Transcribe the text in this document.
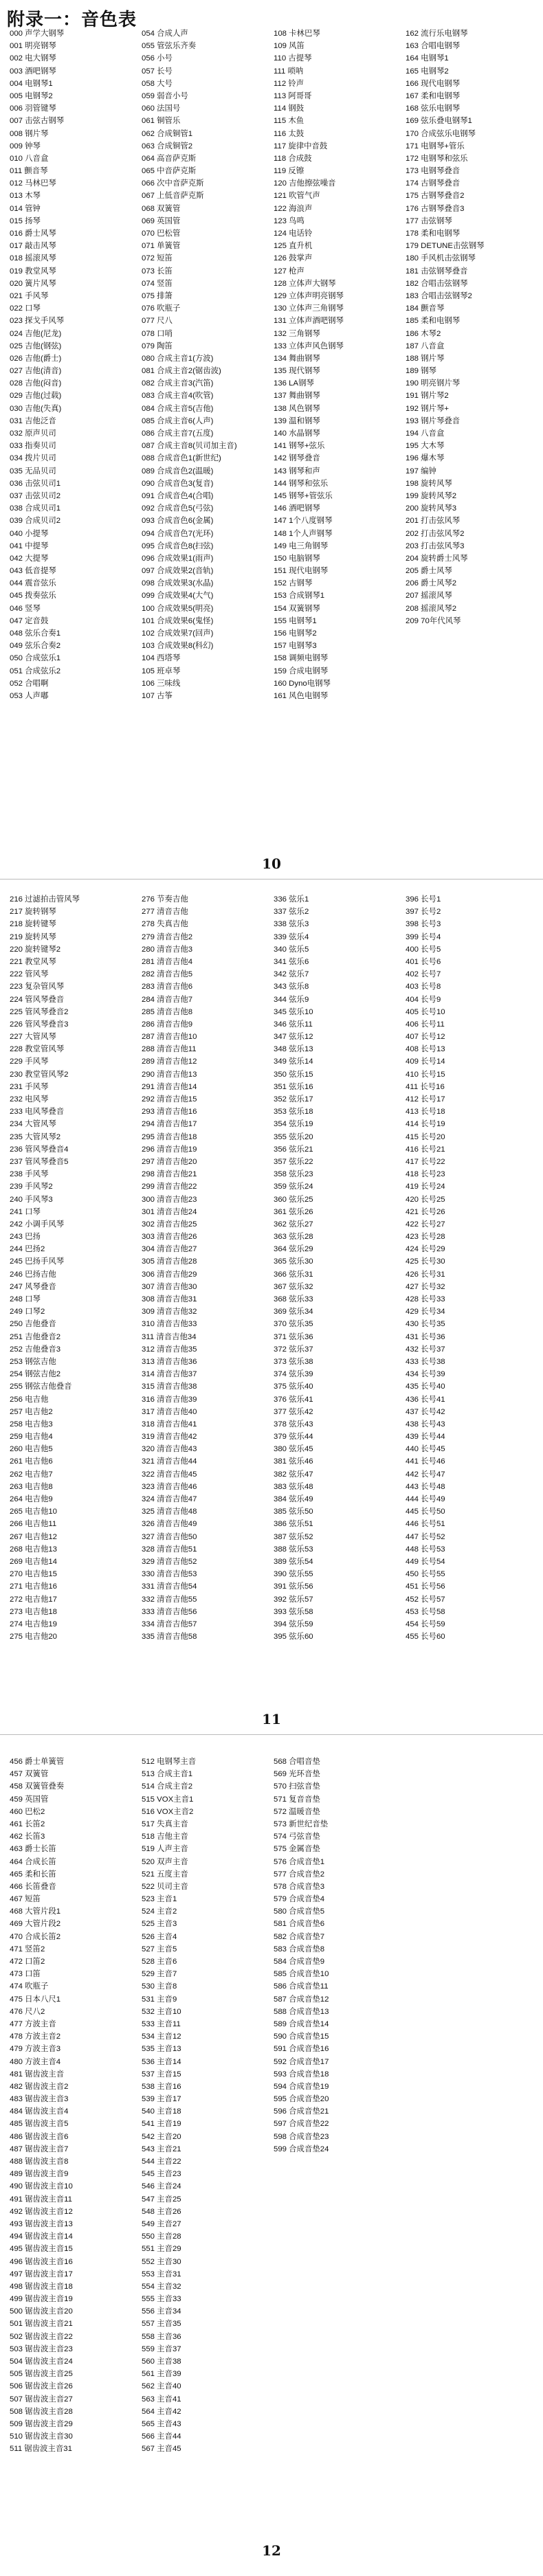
附录一：音色表
000 声学大钢琴
001 明亮钢琴
002 电大钢琴
003 酒吧钢琴
004 电钢琴1
005 电钢琴2
006 羽管键琴
007 击弦古钢琴
008 钢片琴
009 钟琴
010 八音盒
011 颤音琴
012 马林巴琴
013 木琴
014 管钟
015 扬琴
016 爵士风琴
017 敲击风琴
018 摇滚风琴
019 教堂风琴
020 簧片风琴
021 手风琴
022 口琴
023 探戈手风琴
024 吉他(尼龙)
025 吉他(钢弦)
026 吉他(爵士)
027 吉他(清音)
028 吉他(闷音)
029 吉他(过载)
030 吉他(失真)
031 吉他泛音
032 原声贝司
033 指奏贝司
034 拨片贝司
035 无品贝司
036 击弦贝司1
037 击弦贝司2
038 合成贝司1
039 合成贝司2
040 小提琴
041 中提琴
042 大提琴
043 低音提琴
044 震音弦乐
045 拨奏弦乐
046 竖琴
047 定音鼓
048 弦乐合奏1
049 弦乐合奏2
050 合成弦乐1
051 合成弦乐2
052 合唱啊
053 人声嘟
054 合成人声
055 管弦乐齐奏
056 小号
057 长号
058 大号
059 弱音小号
060 法国号
061 铜管乐
062 合成铜管1
063 合成铜管2
064 高音萨克斯
065 中音萨克斯
066 次中音萨克斯
067 上低音萨克斯
068 双簧管
069 英国管
070 巴松管
071 单簧管
072 短笛
073 长笛
074 竖笛
075 排箫
076 吹瓶子
077 尺八
078 口哨
079 陶笛
080 合成主音1(方波)
081 合成主音2(锯齿波)
082 合成主音3(汽笛)
083 合成主音4(吹管)
084 合成主音5(吉他)
085 合成主音6(人声)
086 合成主音7(五度)
087 合成主音8(贝司加主音)
088 合成音色1(新世纪)
089 合成音色2(温暖)
090 合成音色3(复音)
091 合成音色4(合唱)
092 合成音色5(弓弦)
093 合成音色6(金属)
094 合成音色7(光环)
095 合成音色8(扫弦)
096 合成效果1(雨声)
097 合成效果2(音轨)
098 合成效果3(水晶)
099 合成效果4(大气)
100 合成效果5(明亮)
101 合成效果6(鬼怪)
102 合成效果7(回声)
103 合成效果8(科幻)
104 西塔琴
105 班卓琴
106 三味线
107 古筝
108 卡林巴琴
109 风笛
110 古提琴
111 唢呐
112 铃声
113 阿哥哥
114 钢鼓
115 木鱼
116 太鼓
117 旋律中音鼓
118 合成鼓
119 反镲
120 吉他擦弦噪音
121 吹管气声
122 海浪声
123 鸟鸣
124 电话铃
125 直升机
126 鼓掌声
127 枪声
128 立体声大钢琴
129 立体声明亮钢琴
130 立体声三角钢琴
131 立体声酒吧钢琴
132 三角钢琴
133 立体声风色钢琴
134 舞曲钢琴
135 现代钢琴
136 LA钢琴
137 舞曲钢琴
138 风色钢琴
139 温和钢琴
140 水晶钢琴
141 钢琴+弦乐
142 钢琴叠音
143 钢琴和声
144 钢琴和弦乐
145 钢琴+管弦乐
146 酒吧钢琴
147 1个八度钢琴
148 1个人声钢琴
149 电三角钢琴
150 电脑钢琴
151 现代电钢琴
152 古钢琴
153 合成钢琴1
154 双簧钢琴
155 电钢琴1
156 电钢琴2
157 电钢琴3
158 调频电钢琴
159 合成电钢琴
160 Dyno电钢琴
161 风色电钢琴
162 流行乐电钢琴
163 合唱电钢琴
164 电钢琴1
165 电钢琴2
166 现代电钢琴
167 柔和电钢琴
168 弦乐电钢琴
169 弦乐叠电钢琴1
170 合成弦乐电钢琴
171 电钢琴+管乐
172 电钢琴和弦乐
173 电钢琴叠音
174 古钢琴叠音
175 古钢琴叠音2
176 古钢琴叠音3
177 击弦钢琴
178 柔和电钢琴
179 DETUNE击弦钢琴
180 手风机击弦钢琴
181 击弦钢琴叠音
182 合唱击弦钢琴
183 合唱击弦钢琴2
184 颤音琴
185 柔和电钢琴
186 木琴2
187 八音盒
188 钢片琴
189 钢琴
190 明亮钢片琴
191 钢片琴2
192 钢片琴+
193 钢片琴叠音
194 八音盒
195 大木琴
196 爆木琴
197 编钟
198 旋转风琴
199 旋转风琴2
200 旋转风琴3
201 打击弦风琴
202 打击弦风琴2
203 打击弦风琴3
204 旋转爵士风琴
205 爵士风琴
206 爵士风琴2
207 摇滚风琴
208 摇滚风琴2
209 70年代风琴
10
216 过滤拍击管风琴
217 旋转钢琴
218 旋转键琴
219 旋转风琴
220 旋转键琴2
221 教堂风琴
222 管风琴
223 复杂管风琴
224 管风琴叠音
225 管风琴叠音2
226 管风琴叠音3
227 大管风琴
228 教堂管风琴
229 手风琴
230 教堂管风琴2
231 手风琴
232 电风琴
233 电风琴叠音
234 大管风琴
235 大管风琴2
236 管风琴叠音4
237 管风琴叠音5
238 手风琴
239 手风琴2
240 手风琴3
241 口琴
242 小调手风琴
243 巴扬
244 巴扬2
245 巴扬手风琴
246 巴扬吉他
247 风琴叠音
248 口琴
249 口琴2
250 吉他叠音
251 吉他叠音2
252 吉他叠音3
253 钢弦吉他
254 钢弦吉他2
255 钢弦吉他叠音
256 电吉他
257 电吉他2
258 电吉他3
259 电吉他4
260 电吉他5
261 电吉他6
262 电吉他7
263 电吉他8
264 电吉他9
265 电吉他10
266 电吉他11
267 电吉他12
268 电吉他13
269 电吉他14
270 电吉他15
271 电吉他16
272 电吉他17
273 电吉他18
274 电吉他19
275 电吉他20
276 节奏吉他
277 清音吉他
278 失真吉他
279 清音吉他2
280 清音吉他3
281 清音吉他4
282 清音吉他5
283 清音吉他6
284 清音吉他7
285 清音吉他8
286 清音吉他9
287 清音吉他10
288 清音吉他11
289 清音吉他12
290 清音吉他13
291 清音吉他14
292 清音吉他15
293 清音吉他16
294 清音吉他17
295 清音吉他18
296 清音吉他19
297 清音吉他20
298 清音吉他21
299 清音吉他22
300 清音吉他23
301 清音吉他24
302 清音吉他25
303 清音吉他26
304 清音吉他27
305 清音吉他28
306 清音吉他29
307 清音吉他30
308 清音吉他31
309 清音吉他32
310 清音吉他33
311 清音吉他34
312 清音吉他35
313 清音吉他36
314 清音吉他37
315 清音吉他38
316 清音吉他39
317 清音吉他40
318 清音吉他41
319 清音吉他42
320 清音吉他43
321 清音吉他44
322 清音吉他45
323 清音吉他46
324 清音吉他47
325 清音吉他48
326 清音吉他49
327 清音吉他50
328 清音吉他51
329 清音吉他52
330 清音吉他53
331 清音吉他54
332 清音吉他55
333 清音吉他56
334 清音吉他57
335 清音吉他58
336 弦乐1
337 弦乐2
338 弦乐3
339 弦乐4
340 弦乐5
341 弦乐6
342 弦乐7
343 弦乐8
344 弦乐9
345 弦乐10
346 弦乐11
347 弦乐12
348 弦乐13
349 弦乐14
350 弦乐15
351 弦乐16
352 弦乐17
353 弦乐18
354 弦乐19
355 弦乐20
356 弦乐21
357 弦乐22
358 弦乐23
359 弦乐24
360 弦乐25
361 弦乐26
362 弦乐27
363 弦乐28
364 弦乐29
365 弦乐30
366 弦乐31
367 弦乐32
368 弦乐33
369 弦乐34
370 弦乐35
371 弦乐36
372 弦乐37
373 弦乐38
374 弦乐39
375 弦乐40
376 弦乐41
377 弦乐42
378 弦乐43
379 弦乐44
380 弦乐45
381 弦乐46
382 弦乐47
383 弦乐48
384 弦乐49
385 弦乐50
386 弦乐51
387 弦乐52
388 弦乐53
389 弦乐54
390 弦乐55
391 弦乐56
392 弦乐57
393 弦乐58
394 弦乐59
395 弦乐60
396 长号1
397 长号2
398 长号3
399 长号4
400 长号5
401 长号6
402 长号7
403 长号8
404 长号9
405 长号10
406 长号11
407 长号12
408 长号13
409 长号14
410 长号15
411 长号16
412 长号17
413 长号18
414 长号19
415 长号20
416 长号21
417 长号22
418 长号23
419 长号24
420 长号25
421 长号26
422 长号27
423 长号28
424 长号29
425 长号30
426 长号31
427 长号32
428 长号33
429 长号34
430 长号35
431 长号36
432 长号37
433 长号38
434 长号39
435 长号40
436 长号41
437 长号42
438 长号43
439 长号44
440 长号45
441 长号46
442 长号47
443 长号48
444 长号49
445 长号50
446 长号51
447 长号52
448 长号53
449 长号54
450 长号55
451 长号56
452 长号57
453 长号58
454 长号59
455 长号60
11
456 爵士单簧管
457 双簧管
458 双簧管叠奏
459 英国管
460 巴松2
461 长笛2
462 长笛3
463 爵士长笛
464 合成长笛
465 柔和长笛
466 长笛叠音
467 短笛
468 大管片段1
469 大管片段2
470 合成长笛2
471 竖笛2
472 口笛2
473 口笛
474 吹瓶子
475 日本八尺1
476 尺八2
477 方波主音
478 方波主音2
479 方波主音3
480 方波主音4
481 锯齿波主音
482 锯齿波主音2
483 锯齿波主音3
484 锯齿波主音4
485 锯齿波主音5
486 锯齿波主音6
487 锯齿波主音7
488 锯齿波主音8
489 锯齿波主音9
490 锯齿波主音10
491 锯齿波主音11
492 锯齿波主音12
493 锯齿波主音13
494 锯齿波主音14
495 锯齿波主音15
496 锯齿波主音16
497 锯齿波主音17
498 锯齿波主音18
499 锯齿波主音19
500 锯齿波主音20
501 锯齿波主音21
502 锯齿波主音22
503 锯齿波主音23
504 锯齿波主音24
505 锯齿波主音25
506 锯齿波主音26
507 锯齿波主音27
508 锯齿波主音28
509 锯齿波主音29
510 锯齿波主音30
511 锯齿波主音31
512 电钢琴主音
513 合成主音1
514 合成主音2
515 VOX主音1
516 VOX主音2
517 失真主音
518 吉他主音
519 人声主音
520 双声主音
521 五度主音
522 贝司主音
523 主音1
524 主音2
525 主音3
526 主音4
527 主音5
528 主音6
529 主音7
530 主音8
531 主音9
532 主音10
533 主音11
534 主音12
535 主音13
536 主音14
537 主音15
538 主音16
539 主音17
540 主音18
541 主音19
542 主音20
543 主音21
544 主音22
545 主音23
546 主音24
547 主音25
548 主音26
549 主音27
550 主音28
551 主音29
552 主音30
553 主音31
554 主音32
555 主音33
556 主音34
557 主音35
558 主音36
559 主音37
560 主音38
561 主音39
562 主音40
563 主音41
564 主音42
565 主音43
566 主音44
567 主音45
568 合唱音垫
569 光环音垫
570 扫弦音垫
571 复音音垫
572 温暖音垫
573 新世纪音垫
574 弓弦音垫
575 金属音垫
576 合成音垫1
577 合成音垫2
578 合成音垫3
579 合成音垫4
580 合成音垫5
581 合成音垫6
582 合成音垫7
583 合成音垫8
584 合成音垫9
585 合成音垫10
586 合成音垫11
587 合成音垫12
588 合成音垫13
589 合成音垫14
590 合成音垫15
591 合成音垫16
592 合成音垫17
593 合成音垫18
594 合成音垫19
595 合成音垫20
596 合成音垫21
597 合成音垫22
598 合成音垫23
599 合成音垫24
12
